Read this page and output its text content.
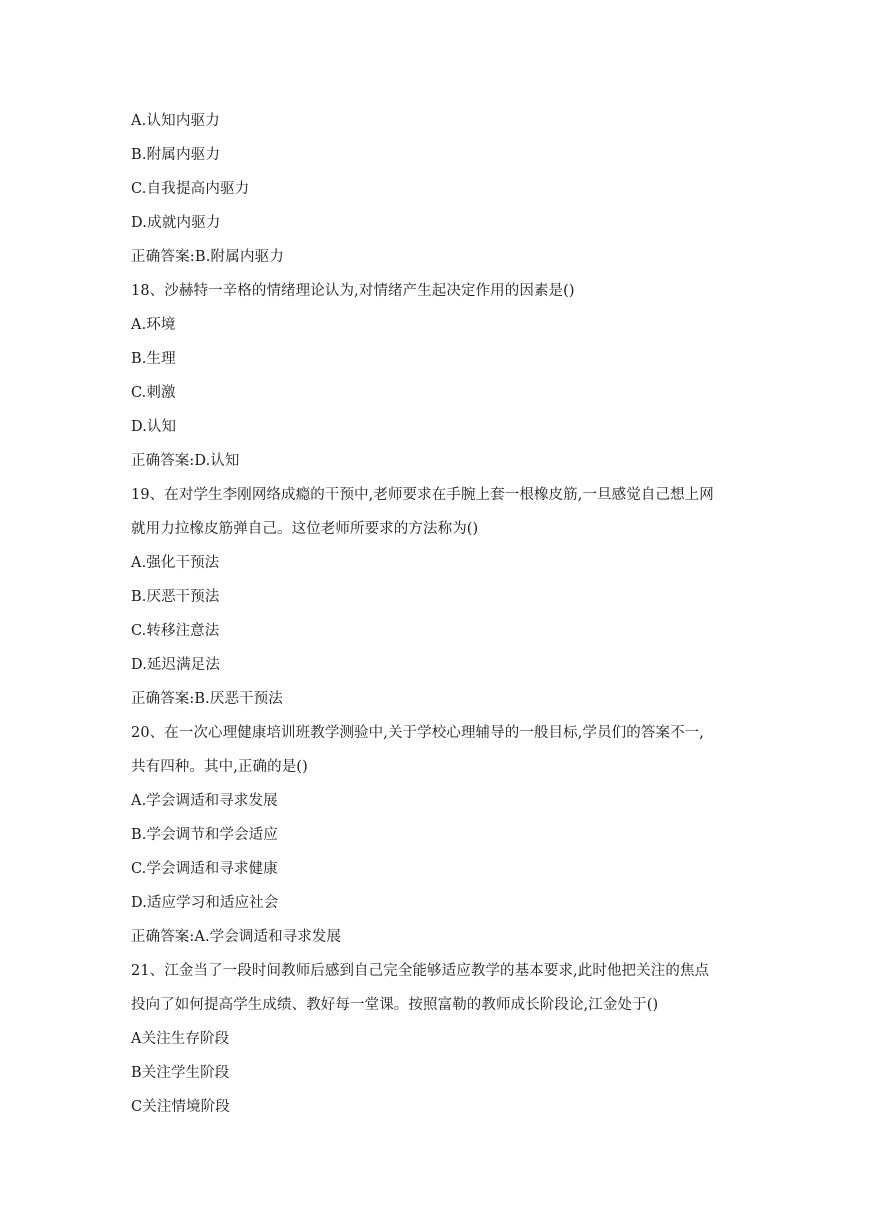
A.认知内驱力
B.附属内驱力
C.自我提高内驱力
D.成就内驱力
正确答案:B.附属内驱力
18、沙赫特一辛格的情绪理论认为,对情绪产生起决定作用的因素是()
A.环境
B.生理
C.刺激
D.认知
正确答案:D.认知
19、在对学生李刚网络成瘾的干预中,老师要求在手腕上套一根橡皮筋,一旦感觉自己想上网
就用力拉橡皮筋弹自己。这位老师所要求的方法称为()
A.强化干预法
B.厌恶干预法
C.转移注意法
D.延迟满足法
正确答案:B.厌恶干预法
20、在一次心理健康培训班教学测验中,关于学校心理辅导的一般目标,学员们的答案不一,
共有四种。其中,正确的是()
A.学会调适和寻求发展
B.学会调节和学会适应
C.学会调适和寻求健康
D.适应学习和适应社会
正确答案:A.学会调适和寻求发展
21、江金当了一段时间教师后感到自己完全能够适应教学的基本要求,此时他把关注的焦点
投向了如何提高学生成绩、教好每一堂课。按照富勒的教师成长阶段论,江金处于()
A关注生存阶段
B关注学生阶段
C关注情境阶段
